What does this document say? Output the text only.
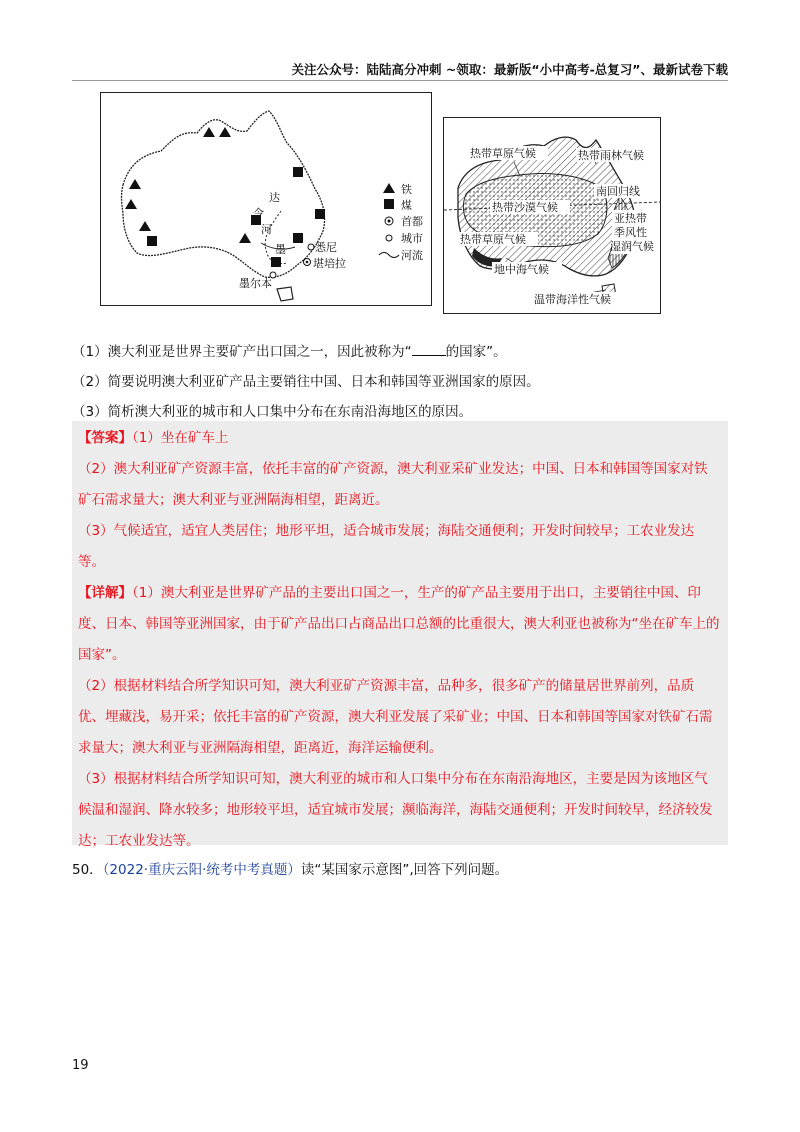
关注公众号：陆陆高分冲刺 ~领取：最新版“小中高考-总复习”、最新试卷下载
达
令
河
墨	悉尼
堪培拉
墨尔本
铁
煤
首都
城市
河流
热带草原气候	热带雨林气候
南回归线
热带沙漠气候
亚热带
季风性
湿润气候
热带草原气候
地中海气候
温带海洋性气候
（1）澳大利亚是世界主要矿产出口国之一，因此被称为“	的国家”。
（2）简要说明澳大利亚矿产品主要销往中国、日本和韩国等亚洲国家的原因。
（3）简析澳大利亚的城市和人口集中分布在东南沿海地区的原因。
【答案】（1）坐在矿车上
（2）澳大利亚矿产资源丰富，依托丰富的矿产资源，澳大利亚采矿业发达；中国、日本和韩国等国家对铁矿石需求量大；澳大利亚与亚洲隔海相望，距离近。
（3）气候适宜，适宜人类居住；地形平坦，适合城市发展；海陆交通便利；开发时间较早；工农业发达等。
【详解】（1）澳大利亚是世界矿产品的主要出口国之一，生产的矿产品主要用于出口，主要销往中国、印度、日本、韩国等亚洲国家，由于矿产品出口占商品出口总额的比重很大，澳大利亚也被称为“坐在矿车上的国家”。
（2）根据材料结合所学知识可知，澳大利亚矿产资源丰富，品种多，很多矿产的储量居世界前列，品质优、埋藏浅，易开采；依托丰富的矿产资源，澳大利亚发展了采矿业；中国、日本和韩国等国家对铁矿石需求量大；澳大利亚与亚洲隔海相望，距离近，海洋运输便利。
（3）根据材料结合所学知识可知，澳大利亚的城市和人口集中分布在东南沿海地区，主要是因为该地区气候温和湿润、降水较多；地形较平坦，适宜城市发展；濒临海洋，海陆交通便利；开发时间较早，经济较发达；工农业发达等。
50．（2022·重庆云阳·统考中考真题）读“某国家示意图”,回答下列问题。
19
